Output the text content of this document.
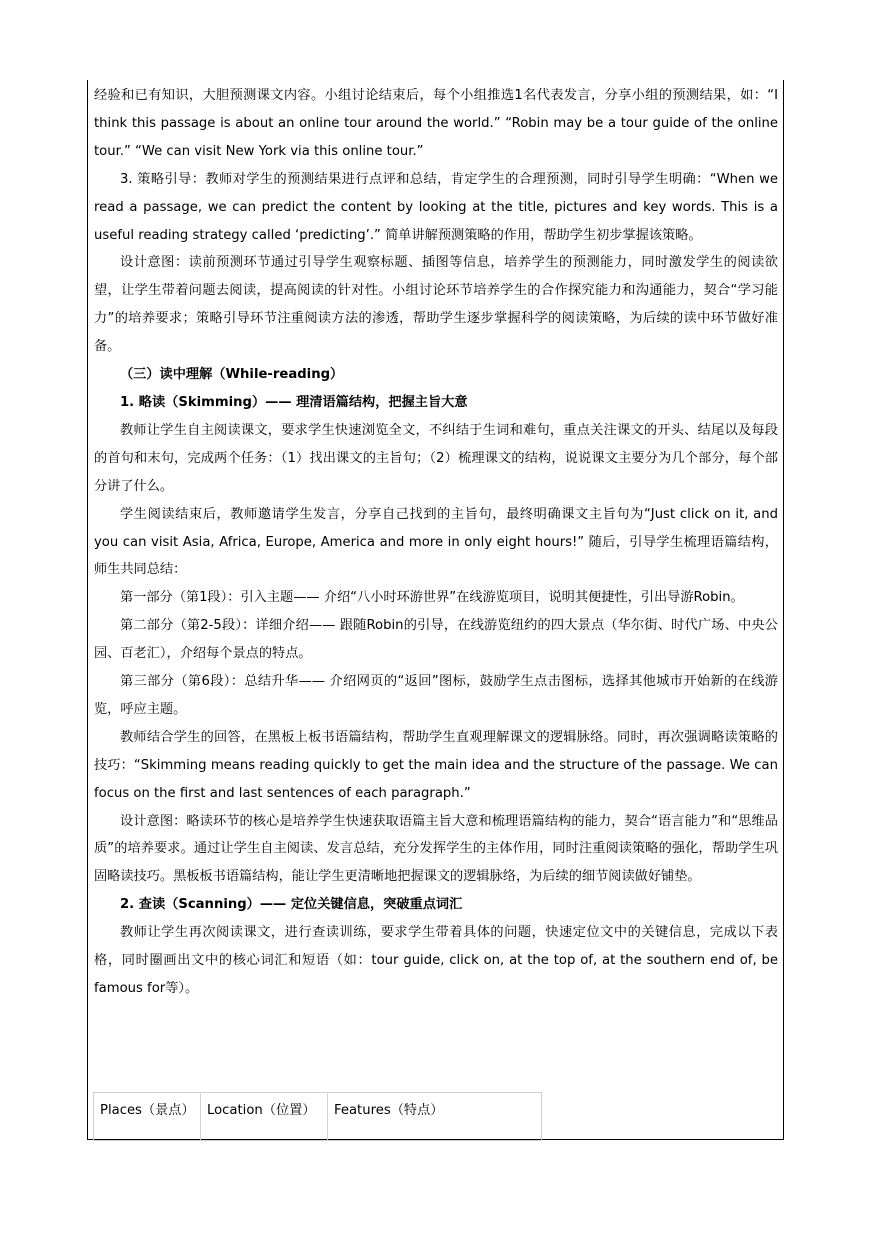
经验和已有知识，大胆预测课文内容。小组讨论结束后，每个小组推选1名代表发言，分享小组的预测结果，如：“I think this passage is about an online tour around the world.” “Robin may be a tour guide of the online tour.” “We can visit New York via this online tour.”

3. 策略引导：教师对学生的预测结果进行点评和总结，肯定学生的合理预测，同时引导学生明确：“When we read a passage, we can predict the content by looking at the title, pictures and key words. This is a useful reading strategy called ‘predicting’.” 简单讲解预测策略的作用，帮助学生初步掌握该策略。

设计意图：读前预测环节通过引导学生观察标题、插图等信息，培养学生的预测能力，同时激发学生的阅读欲望，让学生带着问题去阅读，提高阅读的针对性。小组讨论环节培养学生的合作探究能力和沟通能力，契合“学习能力”的培养要求；策略引导环节注重阅读方法的渗透，帮助学生逐步掌握科学的阅读策略，为后续的读中环节做好准备。

（三）读中理解（While-reading）

1. 略读（Skimming）—— 理清语篇结构，把握主旨大意

教师让学生自主阅读课文，要求学生快速浏览全文，不纠结于生词和难句，重点关注课文的开头、结尾以及每段的首句和末句，完成两个任务：（1）找出课文的主旨句；（2）梳理课文的结构，说说课文主要分为几个部分，每个部分讲了什么。

学生阅读结束后，教师邀请学生发言，分享自己找到的主旨句，最终明确课文主旨句为“Just click on it, and you can visit Asia, Africa, Europe, America and more in only eight hours!” 随后，引导学生梳理语篇结构，师生共同总结：

第一部分（第1段）：引入主题—— 介绍“八小时环游世界”在线游览项目，说明其便捷性，引出导游Robin。

第二部分（第2-5段）：详细介绍—— 跟随Robin的引导，在线游览纽约的四大景点（华尔街、时代广场、中央公园、百老汇），介绍每个景点的特点。

第三部分（第6段）：总结升华—— 介绍网页的“返回”图标，鼓励学生点击图标，选择其他城市开始新的在线游览，呼应主题。

教师结合学生的回答，在黑板上板书语篇结构，帮助学生直观理解课文的逻辑脉络。同时，再次强调略读策略的技巧：“Skimming means reading quickly to get the main idea and the structure of the passage. We can focus on the first and last sentences of each paragraph.”

设计意图：略读环节的核心是培养学生快速获取语篇主旨大意和梳理语篇结构的能力，契合“语言能力”和“思维品质”的培养要求。通过让学生自主阅读、发言总结，充分发挥学生的主体作用，同时注重阅读策略的强化，帮助学生巩固略读技巧。黑板板书语篇结构，能让学生更清晰地把握课文的逻辑脉络，为后续的细节阅读做好铺垫。

2. 查读（Scanning）—— 定位关键信息，突破重点词汇

教师让学生再次阅读课文，进行查读训练，要求学生带着具体的问题，快速定位文中的关键信息，完成以下表格，同时圈画出文中的核心词汇和短语（如：tour guide, click on, at the top of, at the southern end of, be famous for等）。

Places（景点）	Location（位置）	Features（特点）
